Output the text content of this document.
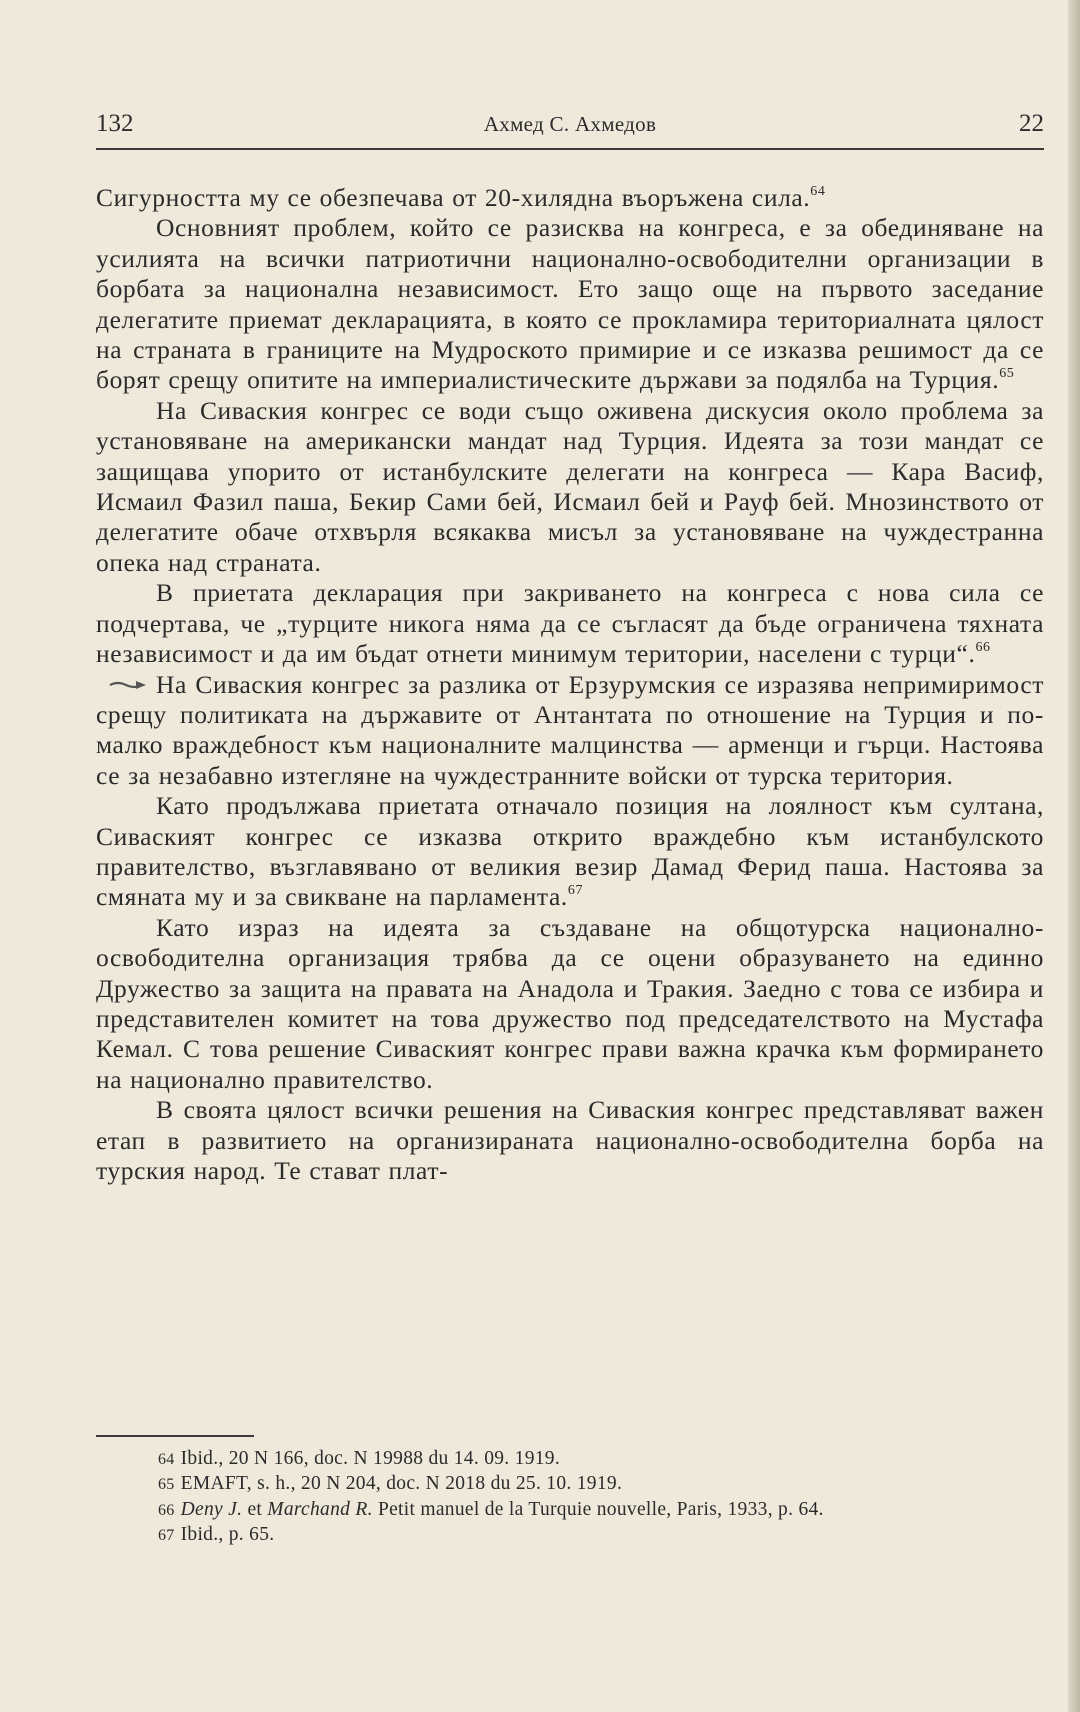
132	Ахмед С. Ахмедов	22

Сигурността му се обезпечава от 20-хилядна въоръжена сила.$^{64}$

Основният проблем, който се разисква на конгреса, е за обединяване на усилията на всички патриотични национално-освободителни организации в борбата за национална независимост. Ето защо още на първото заседание делегатите приемат декларацията, в която се прокламира териториалната цялост на страната в границите на Мудроското примирие и се изказва решимост да се борят срещу опитите на империалистическите държави за подялба на Турция.$^{65}$

На Сиваския конгрес се води също оживена дискусия около проблема за установяване на американски мандат над Турция. Идеята за този мандат се защищава упорито от истанбулските делегати на конгреса — Кара Васиф, Исмаил Фазил паша, Бекир Сами бей, Исмаил бей и Рауф бей. Мнозинството от делегатите обаче отхвърля всякаква мисъл за установяване на чуждестранна опека над страната.

В приетата декларация при закриването на конгреса с нова сила се подчертава, че „турците никога няма да се съгласят да бъде ограничена тяхната независимост и да им бъдат отнети минимум територии, населени с турци“.$^{66}$

На Сиваския конгрес за разлика от Ерзурумския се изразява непримиримост срещу политиката на държавите от Антантата по отношение на Турция и по-малко враждебност към националните малцинства — арменци и гърци. Настоява се за незабавно изтегляне на чуждестранните войски от турска територия.

Като продължава приетата отначало позиция на лоялност към султана, Сиваският конгрес се изказва открито враждебно към истанбулското правителство, възглавявано от великия везир Дамад Ферид паша. Настоява за смяната му и за свикване на парламента.$^{67}$

Като израз на идеята за създаване на общотурска национално-освободителна организация трябва да се оцени образуването на единно Дружество за защита на правата на Анадола и Тракия. Заедно с това се избира и представителен комитет на това дружество под председателството на Мустафа Кемал. С това решение Сиваският конгрес прави важна крачка към формирането на национално правителство.

В своята цялост всички решения на Сиваския конгрес представляват важен етап в развитието на организираната национално-освободителна борба на турския народ. Те стават плат-

64 Ibid., 20 N 166, doc. N 19988 du 14. 09. 1919.

65 EMAFT, s. h., 20 N 204, doc. N 2018 du 25. 10. 1919.

66 Deny J. et Marchand R. Petit manuel de la Turquie nouvelle, Paris, 1933, p. 64.

67 Ibid., p. 65.
